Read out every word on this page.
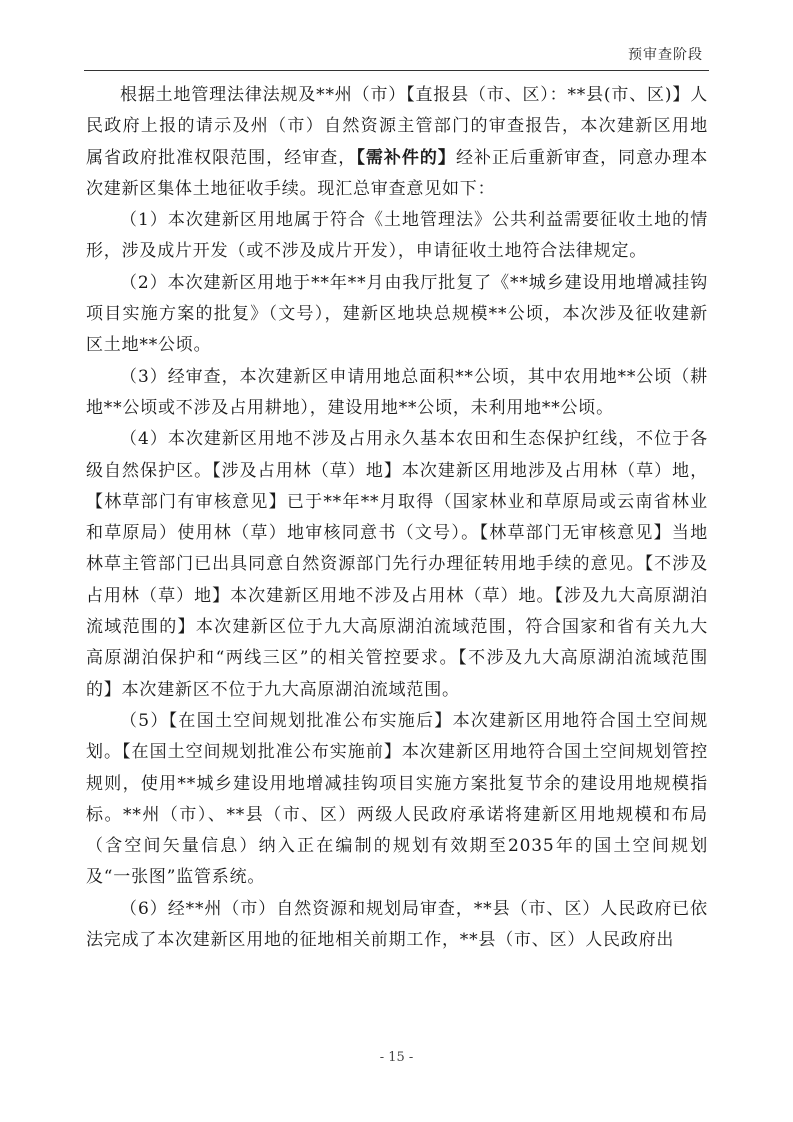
预审查阶段

根据土地管理法律法规及**州（市）【直报县（市、区）：**县(市、区)】人民政府上报的请示及州（市）自然资源主管部门的审查报告，本次建新区用地属省政府批准权限范围，经审查，【需补件的】经补正后重新审查，同意办理本次建新区集体土地征收手续。现汇总审查意见如下：

（1）本次建新区用地属于符合《土地管理法》公共利益需要征收土地的情形，涉及成片开发（或不涉及成片开发），申请征收土地符合法律规定。

（2）本次建新区用地于**年**月由我厅批复了《**城乡建设用地增减挂钩项目实施方案的批复》（文号），建新区地块总规模**公顷，本次涉及征收建新区土地**公顷。

（3）经审查，本次建新区申请用地总面积**公顷，其中农用地**公顷（耕地**公顷或不涉及占用耕地），建设用地**公顷，未利用地**公顷。

（4）本次建新区用地不涉及占用永久基本农田和生态保护红线，不位于各级自然保护区。【涉及占用林（草）地】本次建新区用地涉及占用林（草）地，【林草部门有审核意见】已于**年**月取得（国家林业和草原局或云南省林业和草原局）使用林（草）地审核同意书（文号）。【林草部门无审核意见】当地林草主管部门已出具同意自然资源部门先行办理征转用地手续的意见。【不涉及占用林（草）地】本次建新区用地不涉及占用林（草）地。【涉及九大高原湖泊流域范围的】本次建新区位于九大高原湖泊流域范围，符合国家和省有关九大高原湖泊保护和“两线三区”的相关管控要求。【不涉及九大高原湖泊流域范围的】本次建新区不位于九大高原湖泊流域范围。

（5）【在国土空间规划批准公布实施后】本次建新区用地符合国土空间规划。【在国土空间规划批准公布实施前】本次建新区用地符合国土空间规划管控规则，使用**城乡建设用地增减挂钩项目实施方案批复节余的建设用地规模指标。**州（市）、**县（市、区）两级人民政府承诺将建新区用地规模和布局（含空间矢量信息）纳入正在编制的规划有效期至2035年的国土空间规划及“一张图”监管系统。

（6）经**州（市）自然资源和规划局审查，**县（市、区）人民政府已依法完成了本次建新区用地的征地相关前期工作，**县（市、区）人民政府出

- 15 -
